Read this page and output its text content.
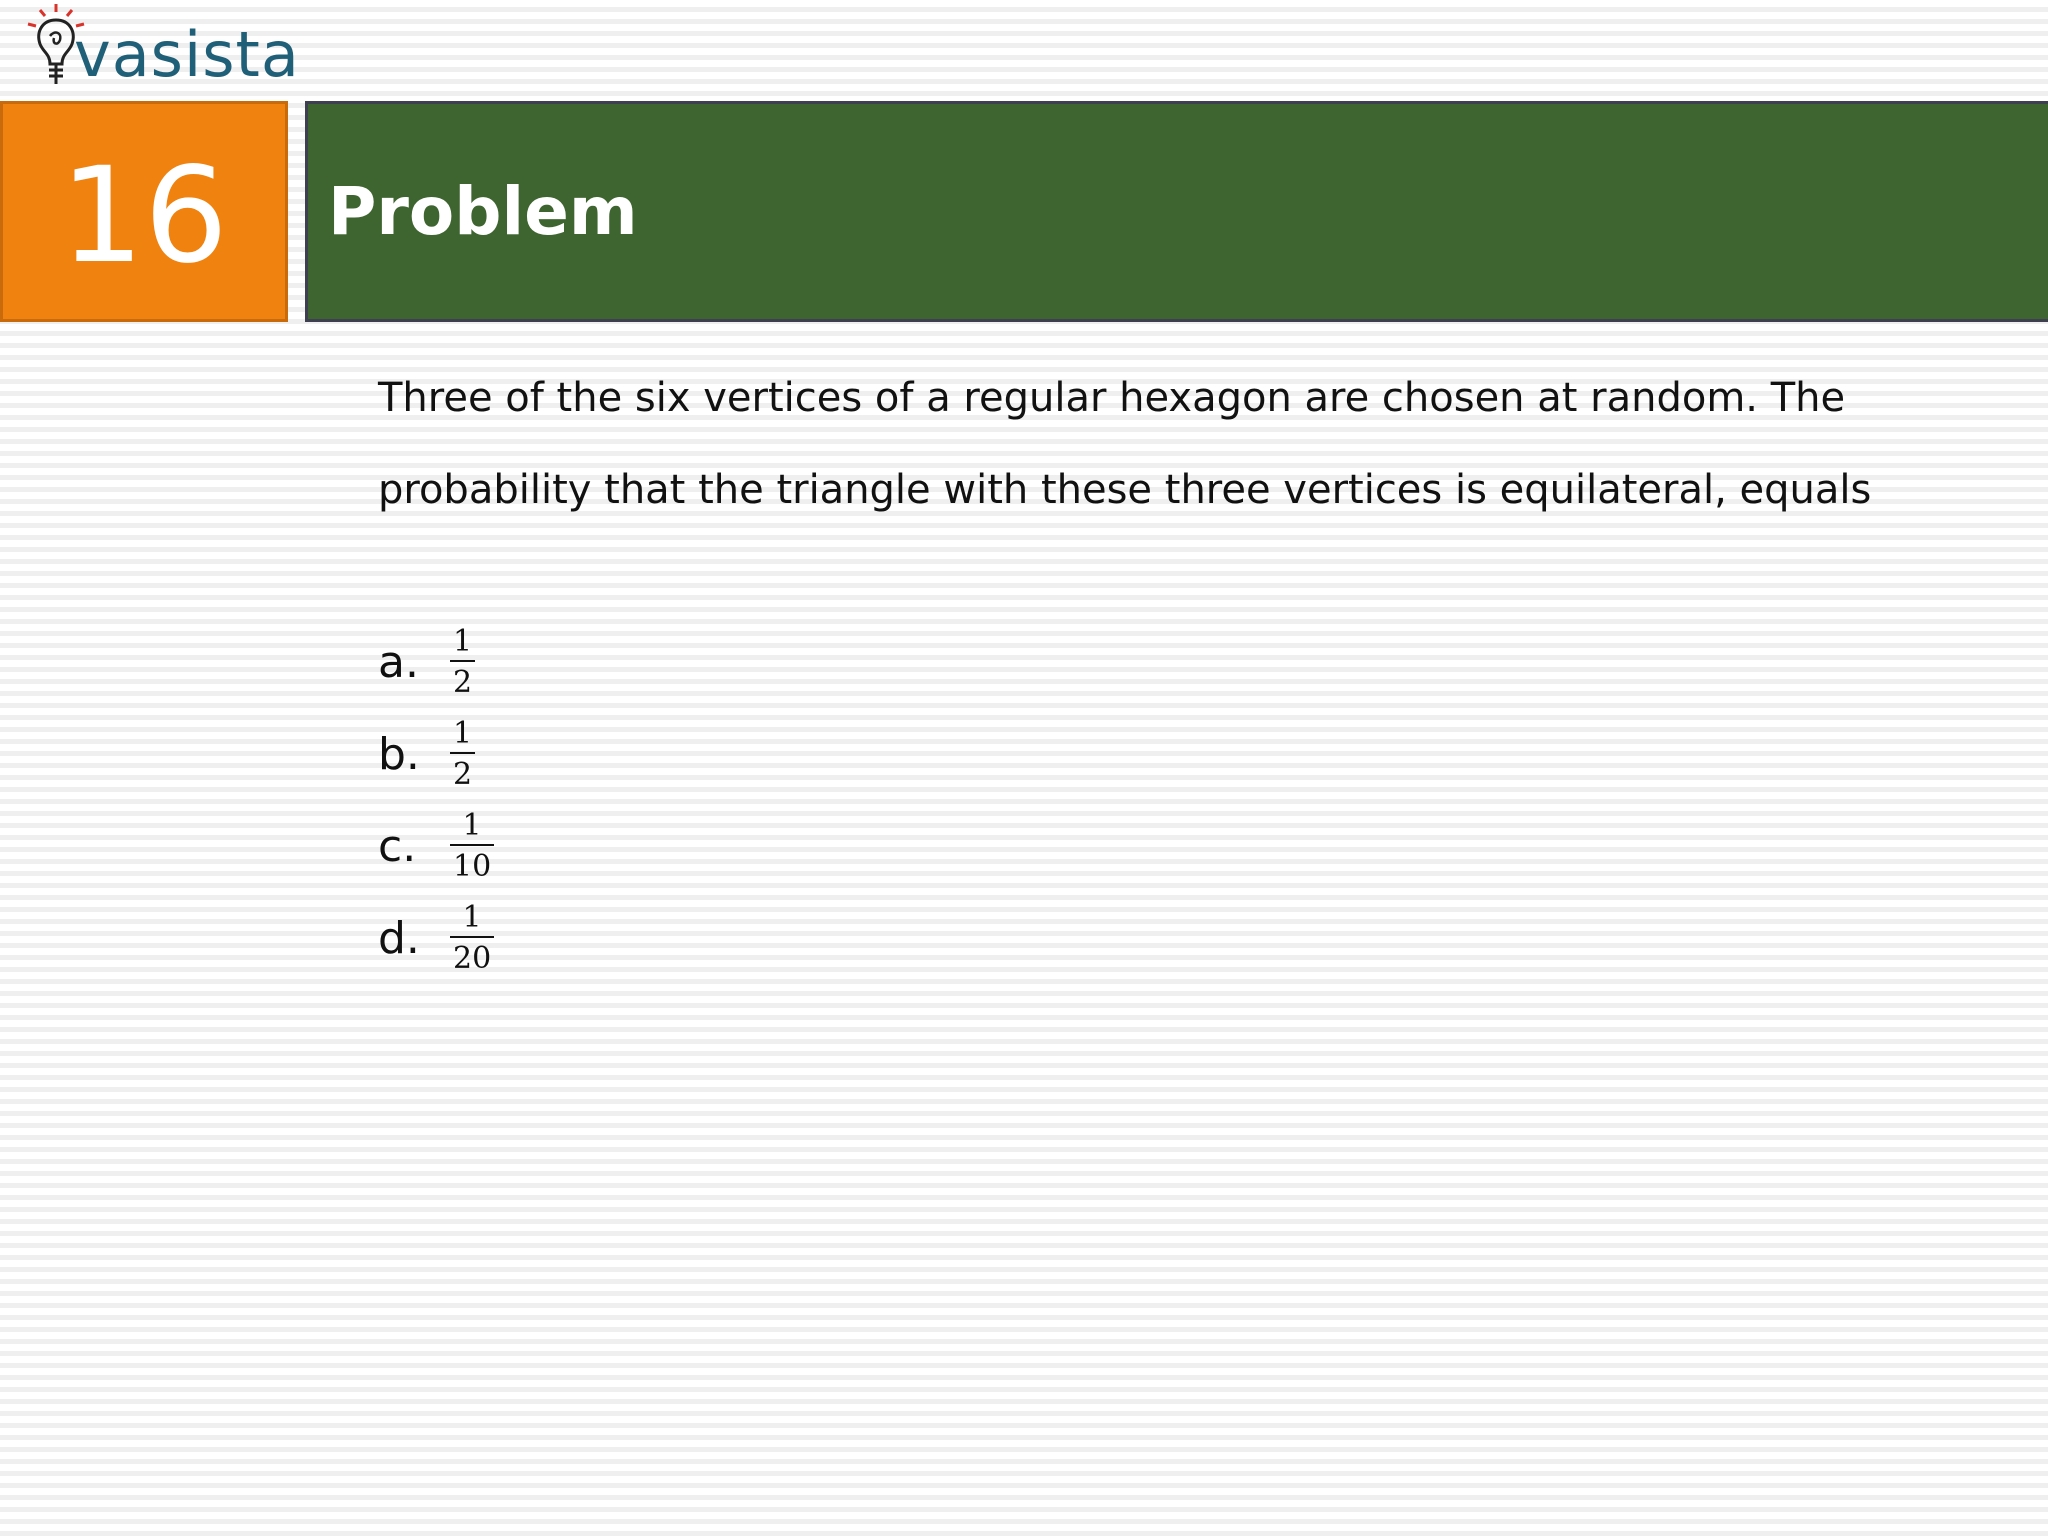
vasista
16	Problem
Three of the six vertices of a regular hexagon are chosen at random. The
probability that the triangle with these three vertices is equilateral, equals
a.	$\frac{1}{2}$
b.	$\frac{1}{2}$
c.	$\frac{1}{10}$
d.	$\frac{1}{20}$
